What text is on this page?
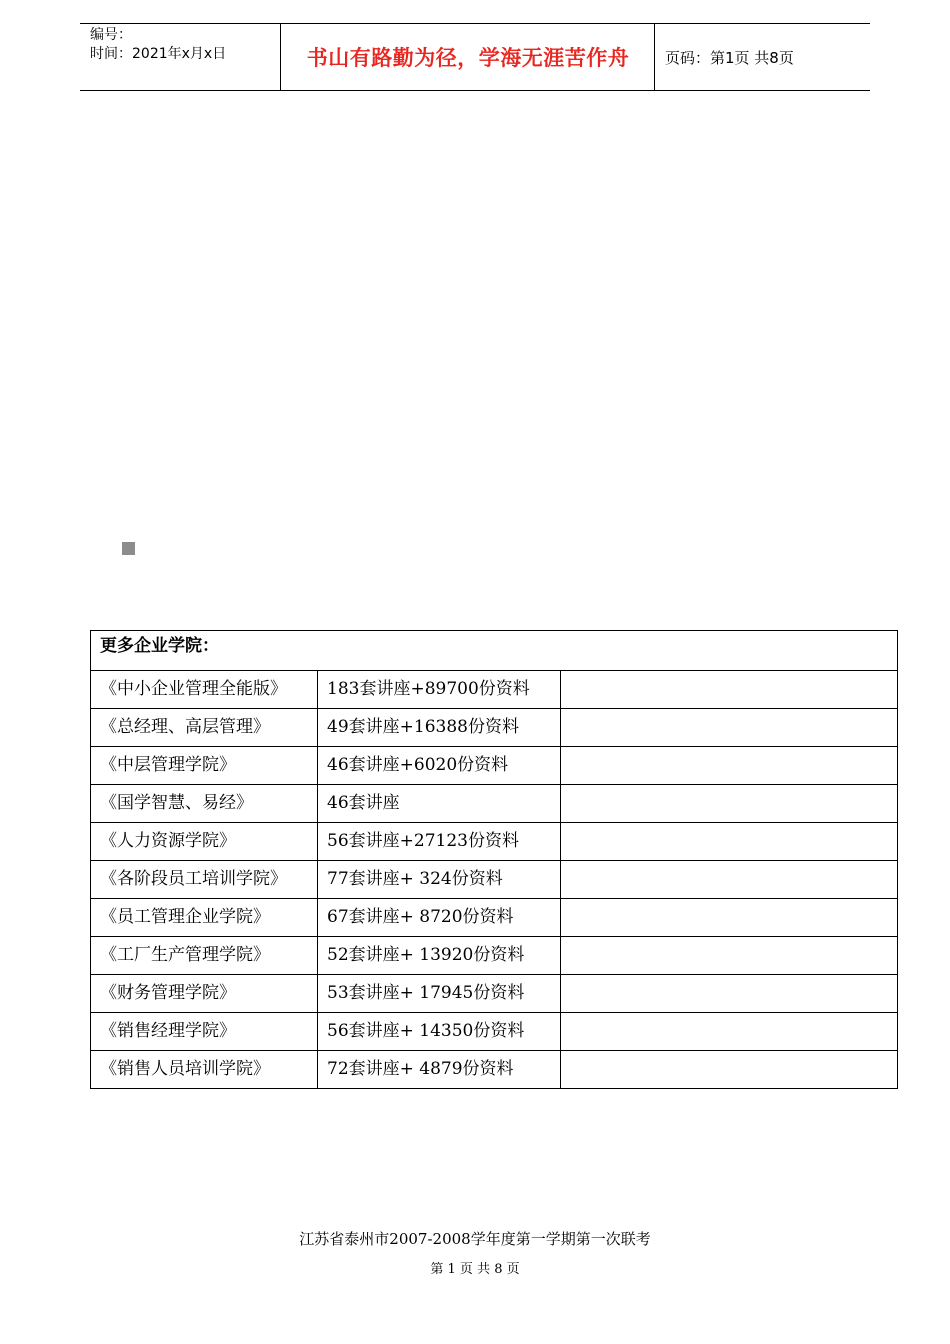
编号：
时间：2021年x月x日	书山有路勤为径，学海无涯苦作舟	页码：第1页 共8页
更多企业学院：		
《中小企业管理全能版》	183套讲座+89700份资料	
《总经理、高层管理》	49套讲座+16388份资料	
《中层管理学院》	46套讲座+6020份资料	
《国学智慧、易经》	46套讲座	
《人力资源学院》	56套讲座+27123份资料	
《各阶段员工培训学院》	77套讲座+ 324份资料	
《员工管理企业学院》	67套讲座+ 8720份资料	
《工厂生产管理学院》	52套讲座+ 13920份资料	
《财务管理学院》	53套讲座+ 17945份资料	
《销售经理学院》	56套讲座+ 14350份资料	
《销售人员培训学院》	72套讲座+ 4879份资料	
江苏省泰州市2007-2008学年度第一学期第一次联考
第 1 页 共 8 页
